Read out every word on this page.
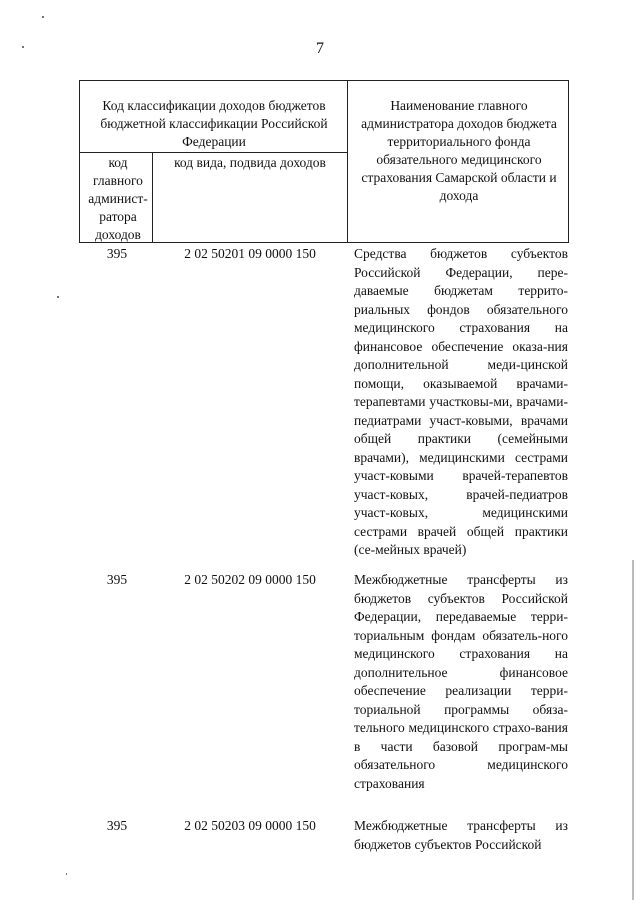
7
Код классификации доходов бюджетов бюджетной классификации Российской Федерации
код главного админист-ратора доходов
код вида, подвида доходов
Наименование главного администратора доходов бюджета территориального фонда обязательного медицинского страхования Самарской области и дохода
395	2 02 50201 09 0000 150	Средства бюджетов субъектов Российской Федерации, пере-даваемые бюджетам террито-риальных фондов обязательного медицинского страхования на финансовое обеспечение оказа-ния дополнительной меди-цинской помощи, оказываемой врачами-терапевтами участковы-ми, врачами-педиатрами участ-ковыми, врачами общей практики (семейными врачами), медицинскими сестрами участ-ковыми врачей-терапевтов участ-ковых, врачей-педиатров участ-ковых, медицинскими сестрами врачей общей практики (се-мейных врачей)
395	2 02 50202 09 0000 150	Межбюджетные трансферты из бюджетов субъектов Российской Федерации, передаваемые терри-ториальным фондам обязатель-ного медицинского страхования на дополнительное финансовое обеспечение реализации терри-ториальной программы обяза-тельного медицинского страхо-вания в части базовой програм-мы обязательного медицинского страхования
395	2 02 50203 09 0000 150	Межбюджетные трансферты из бюджетов субъектов Российской
